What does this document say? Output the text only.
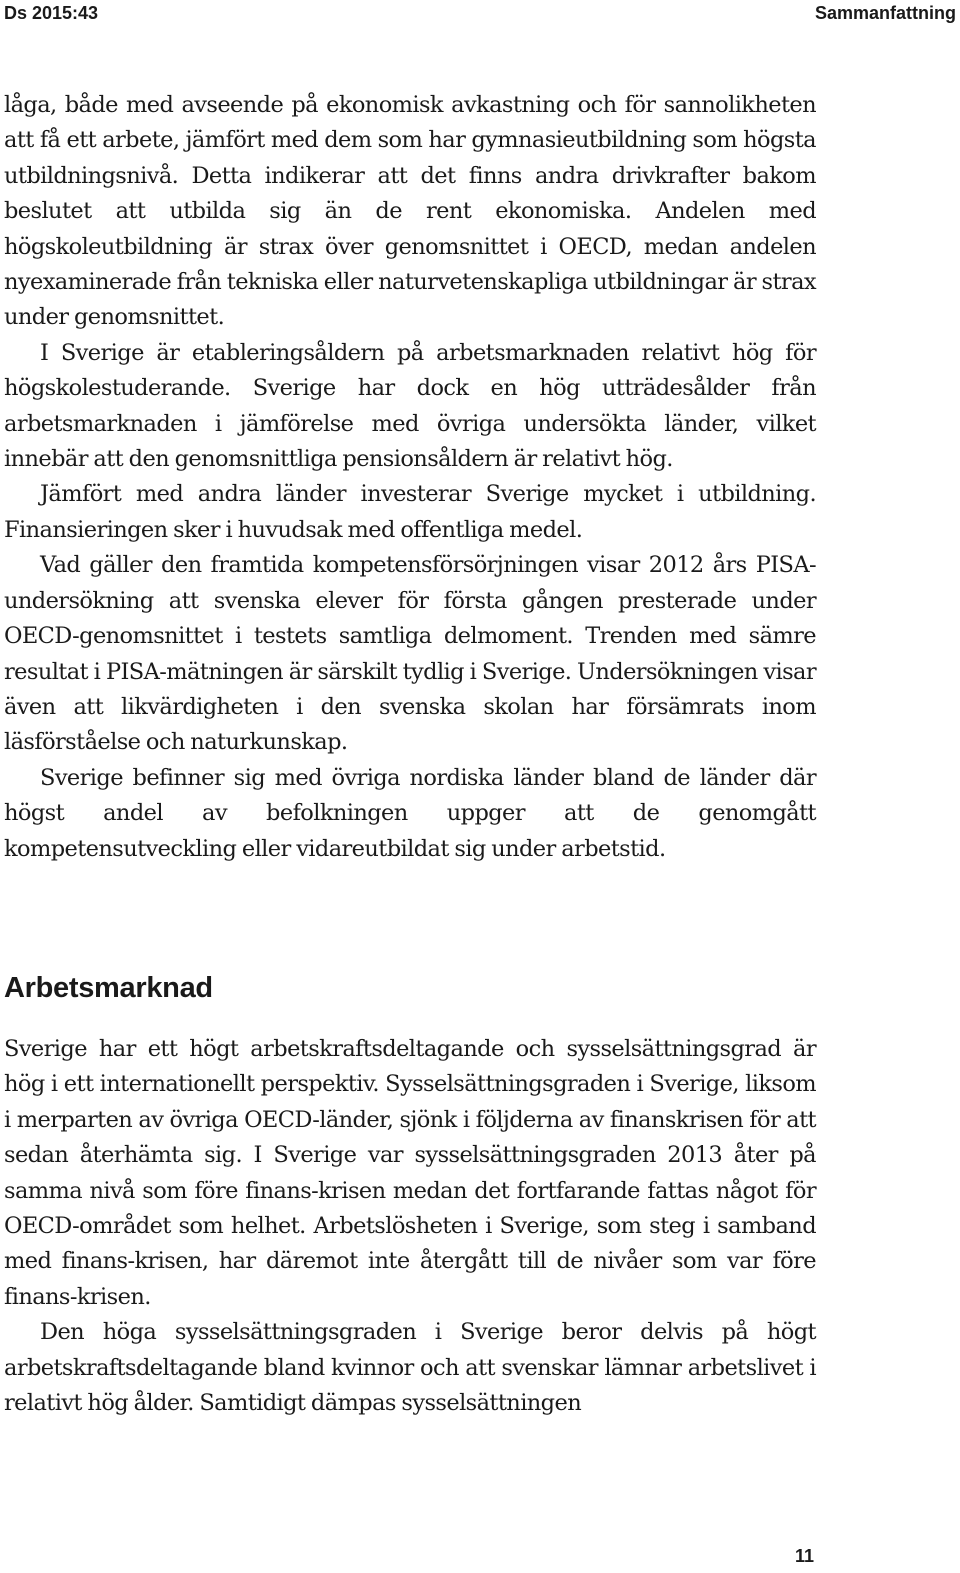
Ds 2015:43	Sammanfattning

låga, både med avseende på ekonomisk avkastning och för sannolikheten att få ett arbete, jämfört med dem som har gymnasieutbildning som högsta utbildningsnivå. Detta indikerar att det finns andra drivkrafter bakom beslutet att utbilda sig än de rent ekonomiska. Andelen med högskoleutbildning är strax över genomsnittet i OECD, medan andelen nyexaminerade från tekniska eller naturvetenskapliga utbildningar är strax under genomsnittet.

I Sverige är etableringsåldern på arbetsmarknaden relativt hög för högskolestuderande. Sverige har dock en hög utträdesålder från arbetsmarknaden i jämförelse med övriga undersökta länder, vilket innebär att den genomsnittliga pensionsåldern är relativt hög.

Jämfört med andra länder investerar Sverige mycket i utbildning. Finansieringen sker i huvudsak med offentliga medel.

Vad gäller den framtida kompetensförsörjningen visar 2012 års PISA-undersökning att svenska elever för första gången presterade under OECD-genomsnittet i testets samtliga delmoment. Trenden med sämre resultat i PISA-mätningen är särskilt tydlig i Sverige. Undersökningen visar även att likvärdigheten i den svenska skolan har försämrats inom läsförståelse och naturkunskap.

Sverige befinner sig med övriga nordiska länder bland de länder där högst andel av befolkningen uppger att de genomgått kompetensutveckling eller vidareutbildat sig under arbetstid.

Arbetsmarknad

Sverige har ett högt arbetskraftsdeltagande och sysselsättningsgrad är hög i ett internationellt perspektiv. Sysselsättningsgraden i Sverige, liksom i merparten av övriga OECD-länder, sjönk i följderna av finanskrisen för att sedan återhämta sig. I Sverige var sysselsättningsgraden 2013 åter på samma nivå som före finans-krisen medan det fortfarande fattas något för OECD-området som helhet. Arbetslösheten i Sverige, som steg i samband med finans-krisen, har däremot inte återgått till de nivåer som var före finans-krisen.

Den höga sysselsättningsgraden i Sverige beror delvis på högt arbetskraftsdeltagande bland kvinnor och att svenskar lämnar arbetslivet i relativt hög ålder. Samtidigt dämpas sysselsättningen

11
